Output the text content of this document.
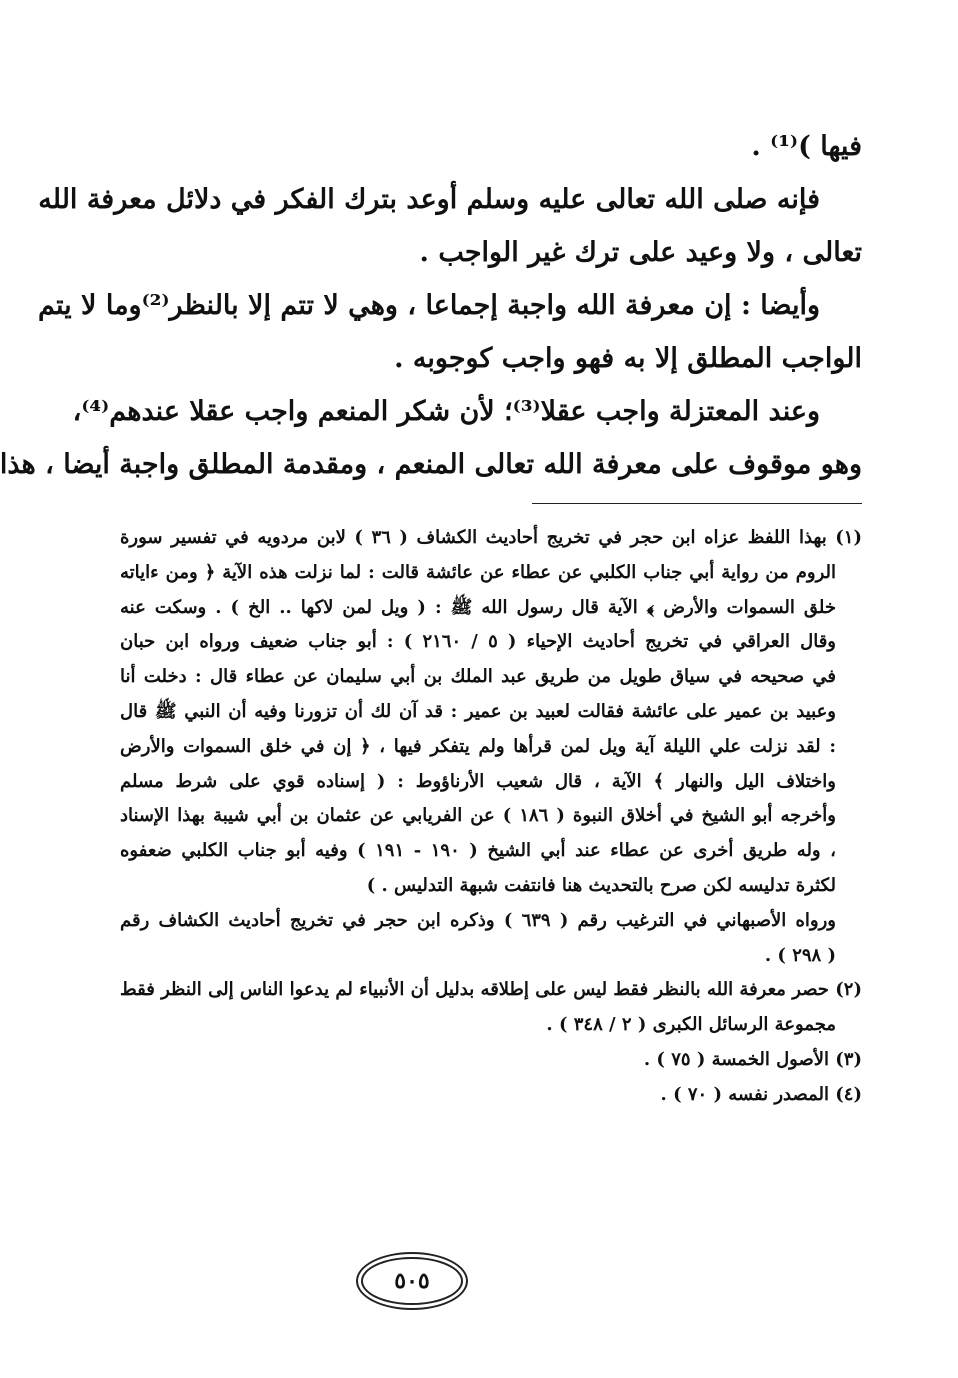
فيها )⁽¹⁾ .
فإنه صلى الله تعالى عليه وسلم أوعد بترك الفكر في دلائل معرفة الله
تعالى ، ولا وعيد على ترك غير الواجب .
وأيضا : إن معرفة الله واجبة إجماعا ، وهي لا تتم إلا بالنظر⁽²⁾وما لا يتم
الواجب المطلق إلا به فهو واجب كوجوبه .
وعند المعتزلة واجب عقلا⁽³⁾؛ لأن شكر المنعم واجب عقلا عندهم⁽⁴⁾،
وهو موقوف على معرفة الله تعالى المنعم ، ومقدمة المطلق واجبة أيضا ، هذا
(١) بهذا اللفظ عزاه ابن حجر في تخريج أحاديث الكشاف ( ٣٦ ) لابن مردويه في تفسير سورة
الروم من رواية أبي جناب الكلبي عن عطاء عن عائشة قالت : لما نزلت هذه الآية ﴿ ومن ءاياته
خلق السموات والأرض ﴾ الآية قال رسول الله ﷺ : ( ويل لمن لاكها .. الخ ) . وسكت عنه
وقال العراقي في تخريج أحاديث الإحياء ( ٥ / ٢١٦٠ ) : أبو جناب ضعيف ورواه ابن حبان
في صحيحه في سياق طويل من طريق عبد الملك بن أبي سليمان عن عطاء قال : دخلت أنا
وعبيد بن عمير على عائشة فقالت لعبيد بن عمير : قد آن لك أن تزورنا وفيه أن النبي ﷺ قال
: لقد نزلت علي الليلة آية ويل لمن قرأها ولم يتفكر فيها ، ﴿ إن في خلق السموات والأرض
واختلاف اليل والنهار ﴾ الآية ، قال شعيب الأرناؤوط : ( إسناده قوي على شرط مسلم
وأخرجه أبو الشيخ في أخلاق النبوة ( ١٨٦ ) عن الفريابي عن عثمان بن أبي شيبة بهذا الإسناد
، وله طريق أخرى عن عطاء عند أبي الشيخ ( ١٩٠ - ١٩١ ) وفيه أبو جناب الكلبي ضعفوه
لكثرة تدليسه لكن صرح بالتحديث هنا فانتفت شبهة التدليس . )
ورواه الأصبهاني في الترغيب رقم ( ٦٣٩ ) وذكره ابن حجر في تخريج أحاديث الكشاف رقم
( ٢٩٨ ) .
(٢) حصر معرفة الله بالنظر فقط ليس على إطلاقه بدليل أن الأنبياء لم يدعوا الناس إلى النظر فقط
مجموعة الرسائل الكبرى ( ٢ / ٣٤٨ ) .
(٣) الأصول الخمسة ( ٧٥ ) .
(٤) المصدر نفسه ( ٧٠ ) .
٥٠٥
